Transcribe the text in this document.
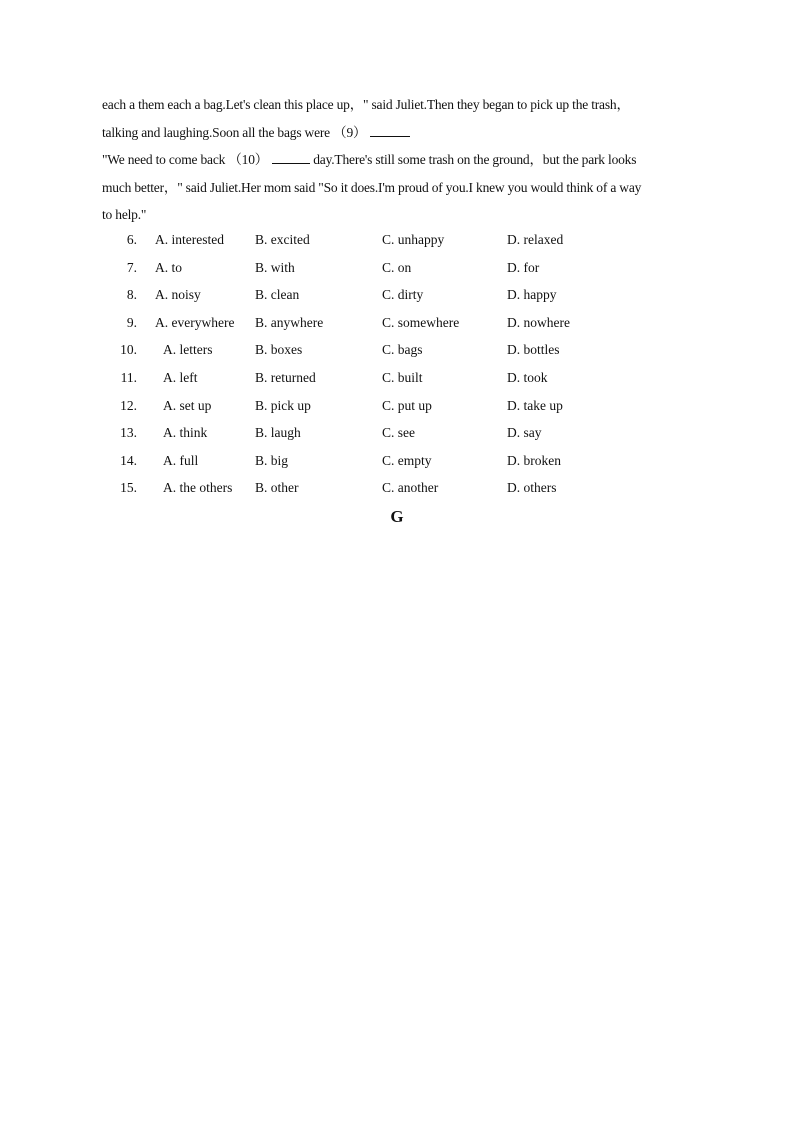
each a them each a bag.Let's clean this place up，" said Juliet.Then they began to pick up the trash，
talking and laughing.Soon all the bags were （9）
"We need to come back （10）	day.There's still some trash on the ground，but the park looks
much better，" said Juliet.Her mom said "So it does.I'm proud of you.I knew you would think of a way
to help."
6. A. interested B. excited	C. unhappy	D. relaxed
7. A. to	B. with	C. on	D. for
8. A. noisy	B. clean	C. dirty	D. happy
9. A. everywhere B. anywhere	C. somewhere	D. nowhere
10. A. letters	B. boxes	C. bags	D. bottles
11. A. left	B. returned	C. built	D. took
12. A. set up	B. pick up	C. put up	D. take up
13. A. think	B. laugh	C. see	D. say
14. A. full	B. big	C. empty	D. broken
15. A. the others B. other	C. another	D. others
G
